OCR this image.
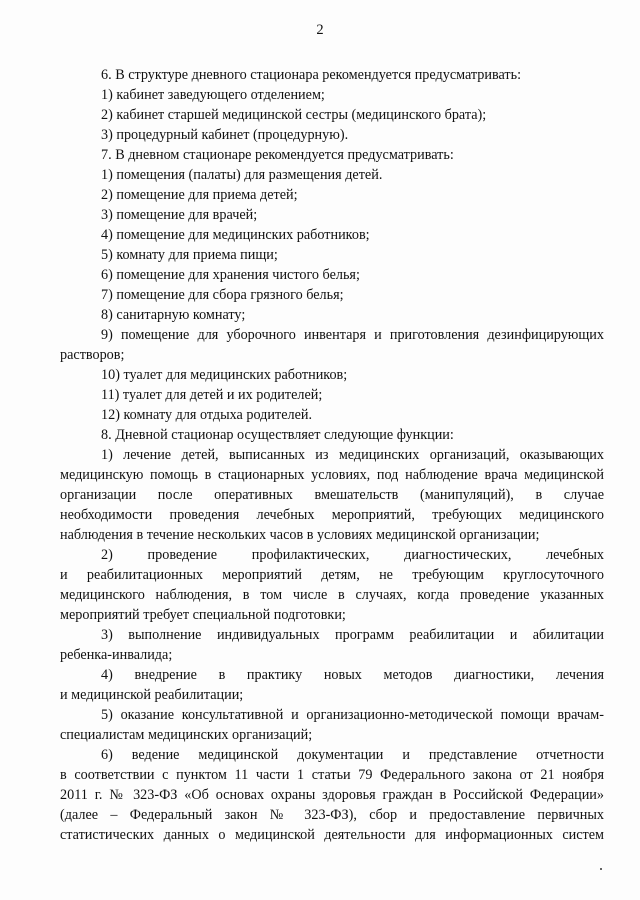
2
6. В структуре дневного стационара рекомендуется предусматривать:
1) кабинет заведующего отделением;
2) кабинет старшей медицинской сестры (медицинского брата);
3) процедурный кабинет (процедурную).
7. В дневном стационаре рекомендуется предусматривать:
1) помещения (палаты) для размещения детей.
2) помещение для приема детей;
3) помещение для врачей;
4) помещение для медицинских работников;
5) комнату для приема пищи;
6) помещение для хранения чистого белья;
7) помещение для сбора грязного белья;
8) санитарную комнату;
9) помещение для уборочного инвентаря и приготовления дезинфицирующих
растворов;
10) туалет для медицинских работников;
11) туалет для детей и их родителей;
12) комнату для отдыха родителей.
8. Дневной стационар осуществляет следующие функции:
1) лечение детей, выписанных из медицинских организаций, оказывающих
медицинскую помощь в стационарных условиях, под наблюдение врача медицинской
организации после оперативных вмешательств (манипуляций), в случае
необходимости проведения лечебных мероприятий, требующих медицинского
наблюдения в течение нескольких часов в условиях медицинской организации;
2) проведение профилактических, диагностических, лечебных
и реабилитационных мероприятий детям, не требующим круглосуточного
медицинского наблюдения, в том числе в случаях, когда проведение указанных
мероприятий требует специальной подготовки;
3) выполнение индивидуальных программ реабилитации и абилитации
ребенка-инвалида;
4) внедрение в практику новых методов диагностики, лечения
и медицинской реабилитации;
5) оказание консультативной и организационно-методической помощи врачам-
специалистам медицинских организаций;
6) ведение медицинской документации и представление отчетности
в соответствии с пунктом 11 части 1 статьи 79 Федерального закона от 21 ноября
2011 г. № 323-ФЗ «Об основах охраны здоровья граждан в Российской Федерации»
(далее – Федеральный закон № 323-ФЗ), сбор и предоставление первичных
статистических данных о медицинской деятельности для информационных систем
